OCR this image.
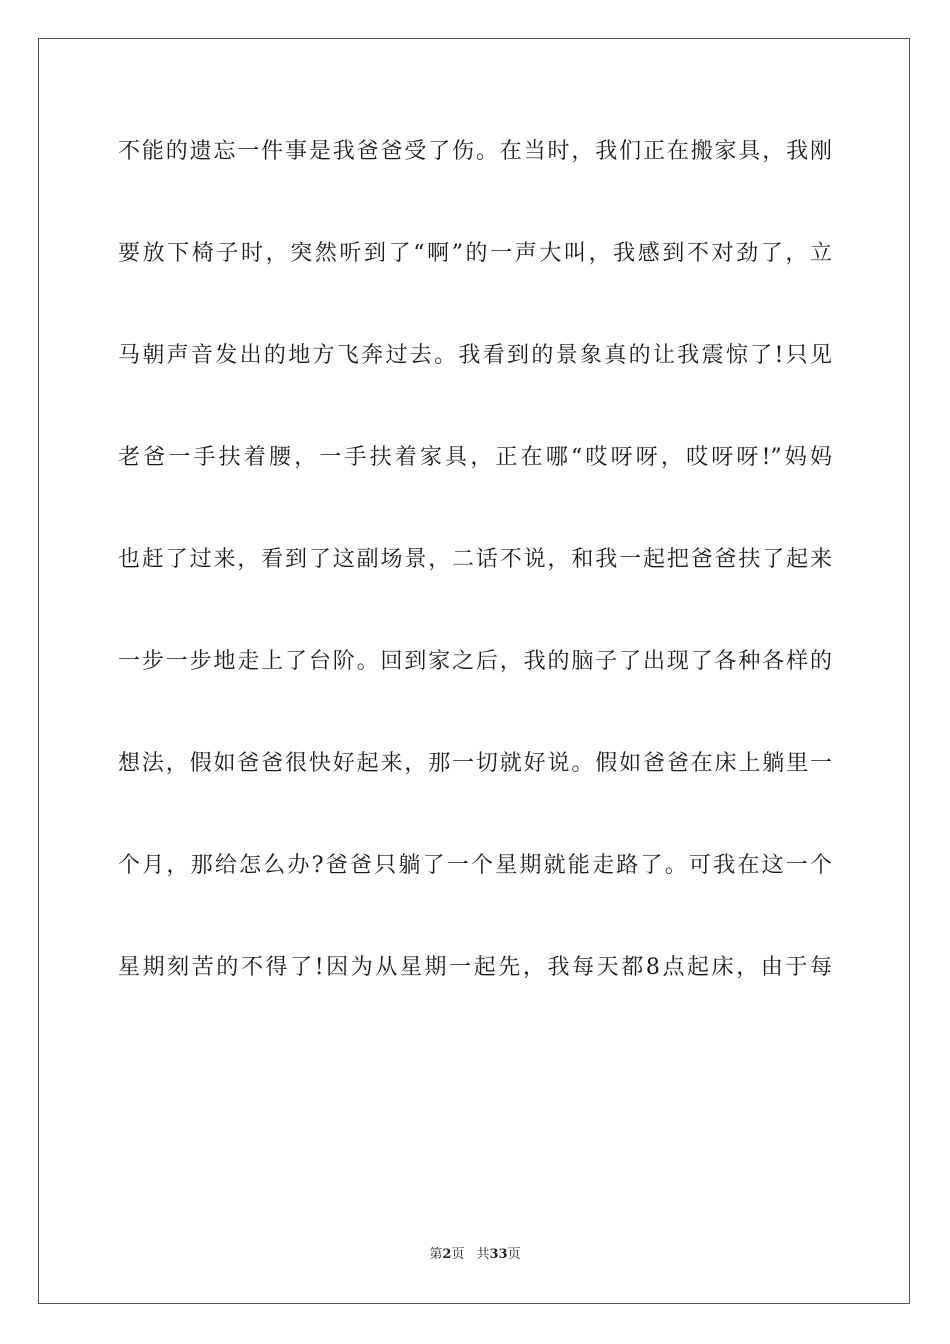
不能的遗忘一件事是我爸爸受了伤。在当时，我们正在搬家具，我刚
要放下椅子时，突然听到了“啊”的一声大叫，我感到不对劲了，立
马朝声音发出的地方飞奔过去。我看到的景象真的让我震惊了!只见
老爸一手扶着腰，一手扶着家具，正在哪“哎呀呀，哎呀呀!”妈妈
也赶了过来，看到了这副场景，二话不说，和我一起把爸爸扶了起来
一步一步地走上了台阶。回到家之后，我的脑子了出现了各种各样的
想法，假如爸爸很快好起来，那一切就好说。假如爸爸在床上躺里一
个月，那给怎么办?爸爸只躺了一个星期就能走路了。可我在这一个
星期刻苦的不得了!因为从星期一起先，我每天都8点起床，由于每
第2页 共33页
